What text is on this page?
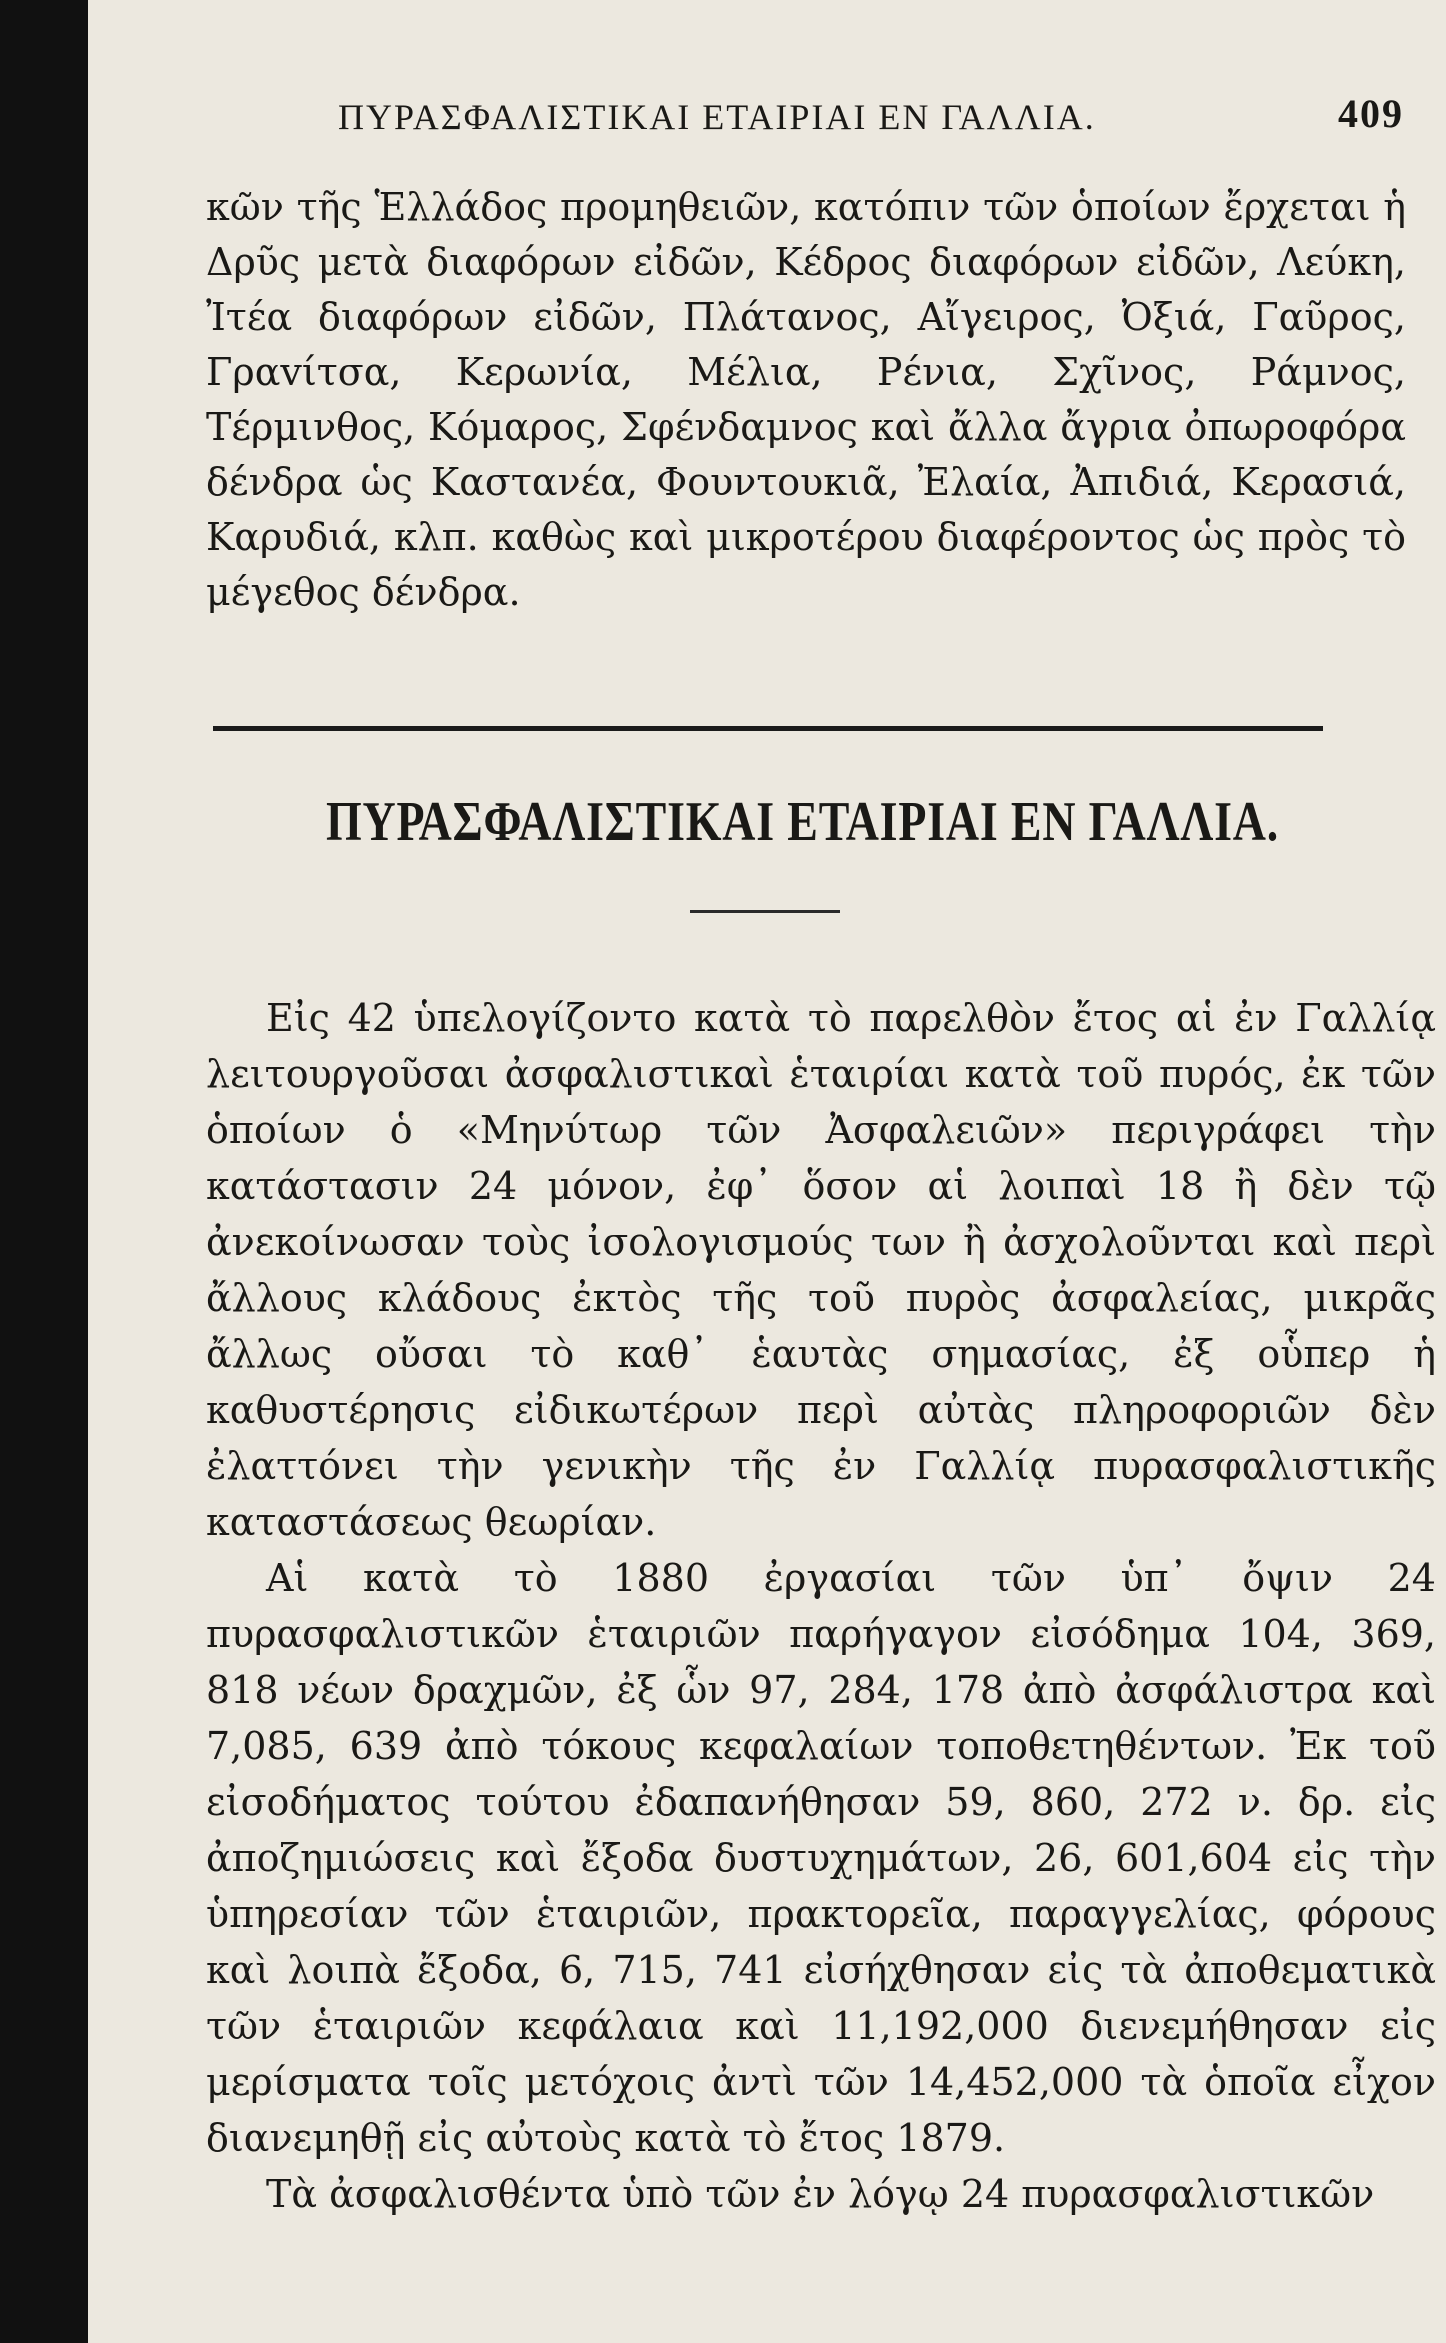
ΠΥΡΑΣΦΑΛΙΣΤΙΚΑΙ ΕΤΑΙΡΙΑΙ ΕΝ ΓΑΛΛΙΑ.	409
κῶν τῆς Ἑλλάδος προμηθειῶν, κατόπιν τῶν ὁποίων ἔρχεται ἡ Δρῦς μετὰ διαφόρων εἰδῶν, Κέδρος διαφόρων εἰδῶν, Λεύκη, Ἰτέα διαφόρων εἰδῶν, Πλάτανος, Αἴγειρος, Ὀξιά, Γαῦρος, Γραvίτσα, Κερωνία, Μέλια, Ρένια, Σχῖνος, Ράμνος, Τέρμινθος, Κόμαρος, Σφένδαμνος καὶ ἄλλα ἄγρια ὀπωροφόρα δένδρα ὡς Καστανέα, Φουντουκιᾶ, Ἐλαία, Ἀπιδιά, Κερασιά, Καρυδιά, κλπ. καθὼς καὶ μικροτέρου διαφέροντος ὡς πρὸς τὸ μέγεθος δένδρα.
ΠΥΡΑΣΦΑΛΙΣΤΙΚΑΙ ΕΤΑΙΡΙΑΙ ΕΝ ΓΑΛΛΙΑ.

Εἰς 42 ὑπελογίζοντο κατὰ τὸ παρελθὸν ἔτος αἱ ἐν Γαλλίᾳ λειτουργοῦσαι ἀσφαλιστικαὶ ἑταιρίαι κατὰ τοῦ πυρός, ἐκ τῶν ὁποίων ὁ «Μηνύτωρ τῶν Ἀσφαλειῶν» περιγράφει τὴν κατάστασιν 24 μόνον, ἐφ᾽ ὅσον αἱ λοιπαὶ 18 ἢ δὲν τῷ ἀνεκοίνωσαν τοὺς ἰσολογισμούς των ἢ ἀσχολοῦνται καὶ περὶ ἄλλους κλάδους ἐκτὸς τῆς τοῦ πυρὸς ἀσφαλείας, μικρᾶς ἄλλως οὔσαι τὸ καθ᾽ ἑαυτὰς σημασίας, ἐξ οὗπερ ἡ καθυστέρησις εἰδικωτέρων περὶ αὐτὰς πληροφοριῶν δὲν ἐλαττόνει τὴν γενικὴν τῆς ἐν Γαλλίᾳ πυρασφαλιστικῆς καταστάσεως θεωρίαν.

Αἱ κατὰ τὸ 1880 ἐργασίαι τῶν ὑπ᾽ ὄψιν 24 πυρασφαλιστικῶν ἑταιριῶν παρήγαγον εἰσόδημα 104, 369, 818 νέων δραχμῶν, ἐξ ὧν 97, 284, 178 ἀπὸ ἀσφάλιστρα καὶ 7,085, 639 ἀπὸ τόκους κεφαλαίων τοποθετηθέντων. Ἐκ τοῦ εἰσοδήματος τούτου ἐδαπανήθησαν 59, 860, 272 ν. δρ. εἰς ἀποζημιώσεις καὶ ἔξοδα δυστυχημάτων, 26, 601,604 εἰς τὴν ὑπηρεσίαν τῶν ἑταιριῶν, πρακτορεῖα, παραγγελίας, φόρους καὶ λοιπὰ ἔξοδα, 6, 715, 741 εἰσήχθησαν εἰς τὰ ἀποθεματικὰ τῶν ἑταιριῶν κεφάλαια καὶ 11,192,000 διενεμήθησαν εἰς μερίσματα τοῖς μετόχοις ἀντὶ τῶν 14,452,000 τὰ ὁποῖα εἶχον διανεμηθῇ εἰς αὐτοὺς κατὰ τὸ ἔτος 1879.

Τὰ ἀσφαλισθέντα ὑπὸ τῶν ἐν λόγῳ 24 πυρασφαλιστικῶν
